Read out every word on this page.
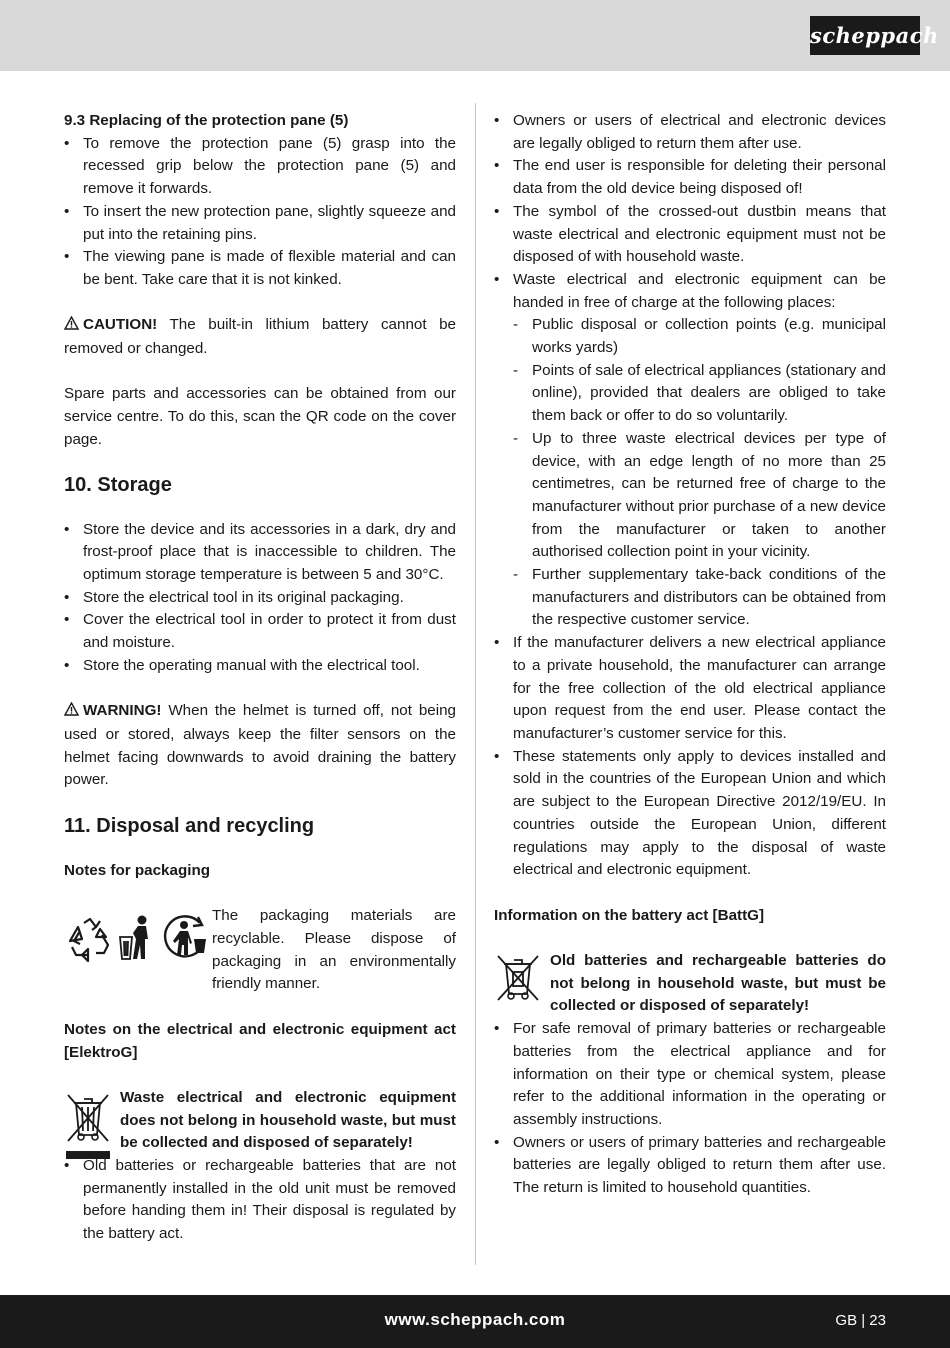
scheppach

9.3 Replacing of the protection pane (5)

• To remove the protection pane (5) grasp into the recessed grip below the protection pane (5) and remove it forwards.
• To insert the new protection pane, slightly squeeze and put into the retaining pins.
• The viewing pane is made of flexible material and can be bent. Take care that it is not kinked.

CAUTION! The built-in lithium battery cannot be removed or changed.

Spare parts and accessories can be obtained from our service centre. To do this, scan the QR code on the cover page.

10. Storage
• Store the device and its accessories in a dark, dry and frost-proof place that is inaccessible to children. The optimum storage temperature is between 5 and 30°C.
• Store the electrical tool in its original packaging.
• Cover the electrical tool in order to protect it from dust and moisture.
• Store the operating manual with the electrical tool.

WARNING! When the helmet is turned off, not being used or stored, always keep the filter sensors on the helmet facing downwards to avoid draining the battery power.

11. Disposal and recycling

Notes for packaging

The packaging materials are recyclable. Please dispose of packaging in an environmentally friendly manner.

Notes on the electrical and electronic equipment act [ElektroG]

Waste electrical and electronic equipment does not belong in household waste, but must be collected and disposed of separately!

• Old batteries or rechargeable batteries that are not permanently installed in the old unit must be removed before handing them in! Their disposal is regulated by the battery act.
• Owners or users of electrical and electronic devices are legally obliged to return them after use.
• The end user is responsible for deleting their personal data from the old device being disposed of!
• The symbol of the crossed-out dustbin means that waste electrical and electronic equipment must not be disposed of with household waste.
• Waste electrical and electronic equipment can be handed in free of charge at the following places:
- Public disposal or collection points (e.g. municipal works yards)
- Points of sale of electrical appliances (stationary and online), provided that dealers are obliged to take them back or offer to do so voluntarily.
- Up to three waste electrical devices per type of device, with an edge length of no more than 25 centimetres, can be returned free of charge to the manufacturer without prior purchase of a new device from the manufacturer or taken to another authorised collection point in your vicinity.
- Further supplementary take-back conditions of the manufacturers and distributors can be obtained from the respective customer service.
• If the manufacturer delivers a new electrical appliance to a private household, the manufacturer can arrange for the free collection of the old electrical appliance upon request from the end user. Please contact the manufacturer’s customer service for this.
• These statements only apply to devices installed and sold in the countries of the European Union and which are subject to the European Directive 2012/19/EU. In countries outside the European Union, different regulations may apply to the disposal of waste electrical and electronic equipment.

Information on the battery act [BattG]

Old batteries and rechargeable batteries do not belong in household waste, but must be collected or disposed of separately!

• For safe removal of primary batteries or rechargeable batteries from the electrical appliance and for information on their type or chemical system, please refer to the additional information in the operating or assembly instructions.
• Owners or users of primary batteries and rechargeable batteries are legally obliged to return them after use. The return is limited to household quantities.
www.scheppach.com	GB | 23
